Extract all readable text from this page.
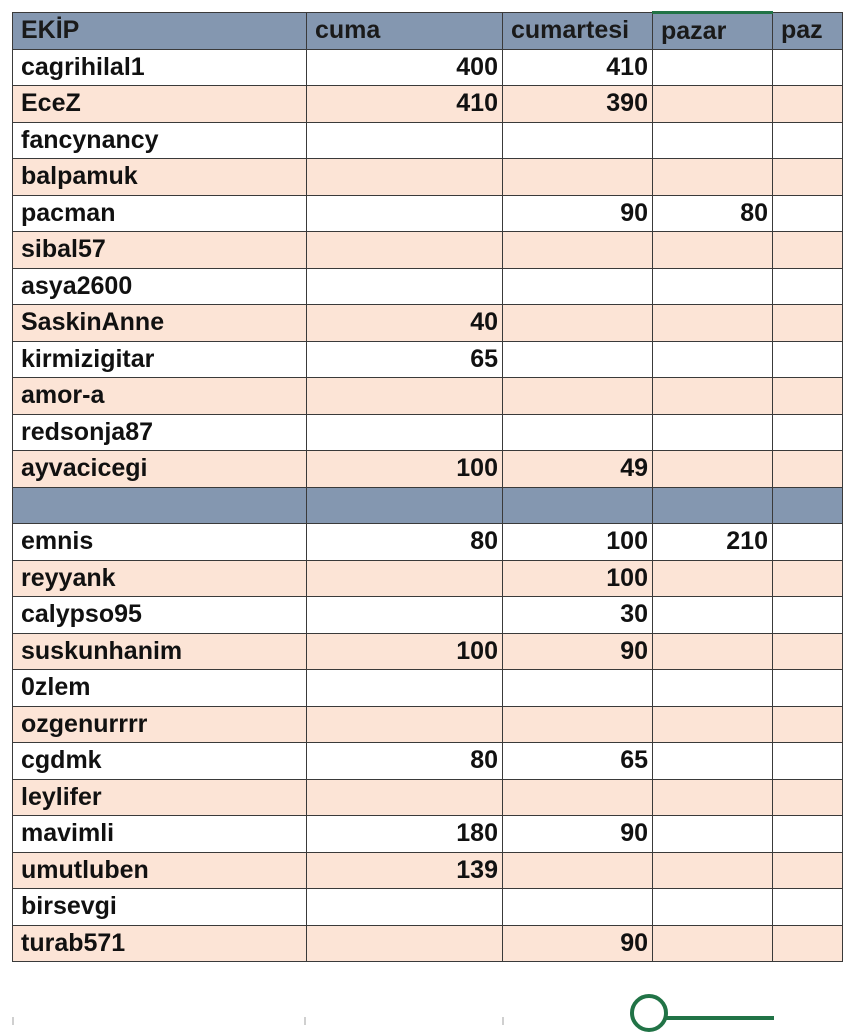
EKİP	cuma	cumartesi	pazar	paz
cagrihilal1	400	410		
EceZ	410	390		
fancynancy				
balpamuk				
pacman		90	80	
sibal57				
asya2600				
SaskinAnne	40			
kirmizigitar	65			
amor-a				
redsonja87				
ayvacicegi	100	49		

emnis	80	100	210	
reyyank		100		
calypso95		30		
suskunhanim	100	90		
0zlem				
ozgenurrrr				
cgdmk	80	65		
leylifer				
mavimli	180	90		
umutluben	139			
birsevgi				
turab571		90		
